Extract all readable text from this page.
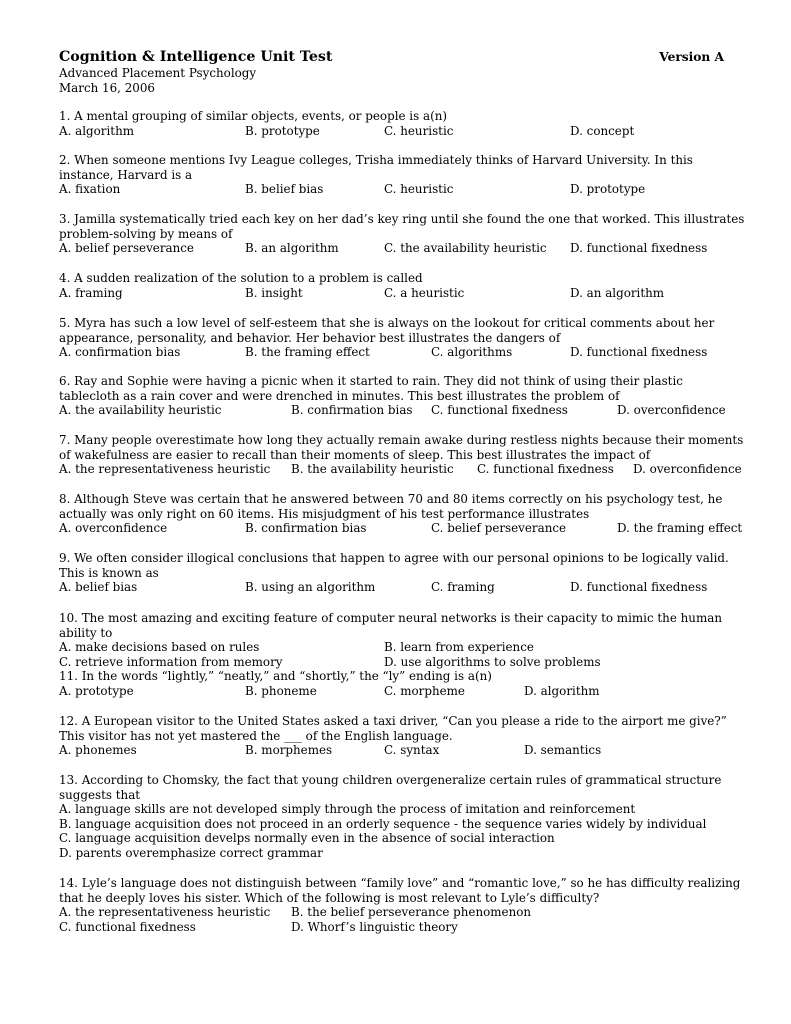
Cognition & Intelligence Unit Test	Version A
Advanced Placement Psychology
March 16, 2006
1. A mental grouping of similar objects, events, or people is a(n)
A. algorithm	B. prototype	C. heuristic	D. concept
2. When someone mentions Ivy League colleges, Trisha immediately thinks of Harvard University. In this instance, Harvard is a
A. fixation	B. belief bias	C. heuristic	D. prototype
3. Jamilla systematically tried each key on her dad’s key ring until she found the one that worked. This illustrates problem-solving by means of
A. belief perseverance	B. an algorithm	C. the availability heuristic D. functional fixedness
4. A sudden realization of the solution to a problem is called
A. framing	B. insight	C. a heuristic	D. an algorithm
5. Myra has such a low level of self-esteem that she is always on the lookout for critical comments about her appearance, personality, and behavior. Her behavior best illustrates the dangers of
A. confirmation bias	B. the framing effect	C. algorithms	D. functional fixedness
6. Ray and Sophie were having a picnic when it started to rain. They did not think of using their plastic tablecloth as a rain cover and were drenched in minutes. This best illustrates the problem of
A. the availability heuristic	B. confirmation bias C. functional fixedness	D. overconfidence
7. Many people overestimate how long they actually remain awake during restless nights because their moments of wakefulness are easier to recall than their moments of sleep. This best illustrates the impact of
A. the representativeness heuristic B. the availability heuristic C. functional fixedness D. overconfidence
8. Although Steve was certain that he answered between 70 and 80 items correctly on his psychology test, he actually was only right on 60 items. His misjudgment of his test performance illustrates
A. overconfidence	B. confirmation bias	C. belief perseverance	D. the framing effect
9. We often consider illogical conclusions that happen to agree with our personal opinions to be logically valid. This is known as
A. belief bias	B. using an algorithm	C. framing	D. functional fixedness
10. The most amazing and exciting feature of computer neural networks is their capacity to mimic the human ability to
A. make decisions based on rules	B. learn from experience
C. retrieve information from memory	D. use algorithms to solve problems
11. In the words “lightly,” “neatly,” and “shortly,” the “ly” ending is a(n)
A. prototype	B. phoneme	C. morpheme	D. algorithm
12. A European visitor to the United States asked a taxi driver, “Can you please a ride to the airport me give?” This visitor has not yet mastered the ___ of the English language.
A. phonemes	B. morphemes	C. syntax	D. semantics
13. According to Chomsky, the fact that young children overgeneralize certain rules of grammatical structure suggests that
A. language skills are not developed simply through the process of imitation and reinforcement
B. language acquisition does not proceed in an orderly sequence - the sequence varies widely by individual
C. language acquisition develps normally even in the absence of social interaction
D. parents overemphasize correct grammar
14. Lyle’s language does not distinguish between “family love” and “romantic love,” so he has difficulty realizing that he deeply loves his sister. Which of the following is most relevant to Lyle’s difficulty?
A. the representativeness heuristic B. the belief perseverance phenomenon
C. functional fixedness	D. Whorf’s linguistic theory
